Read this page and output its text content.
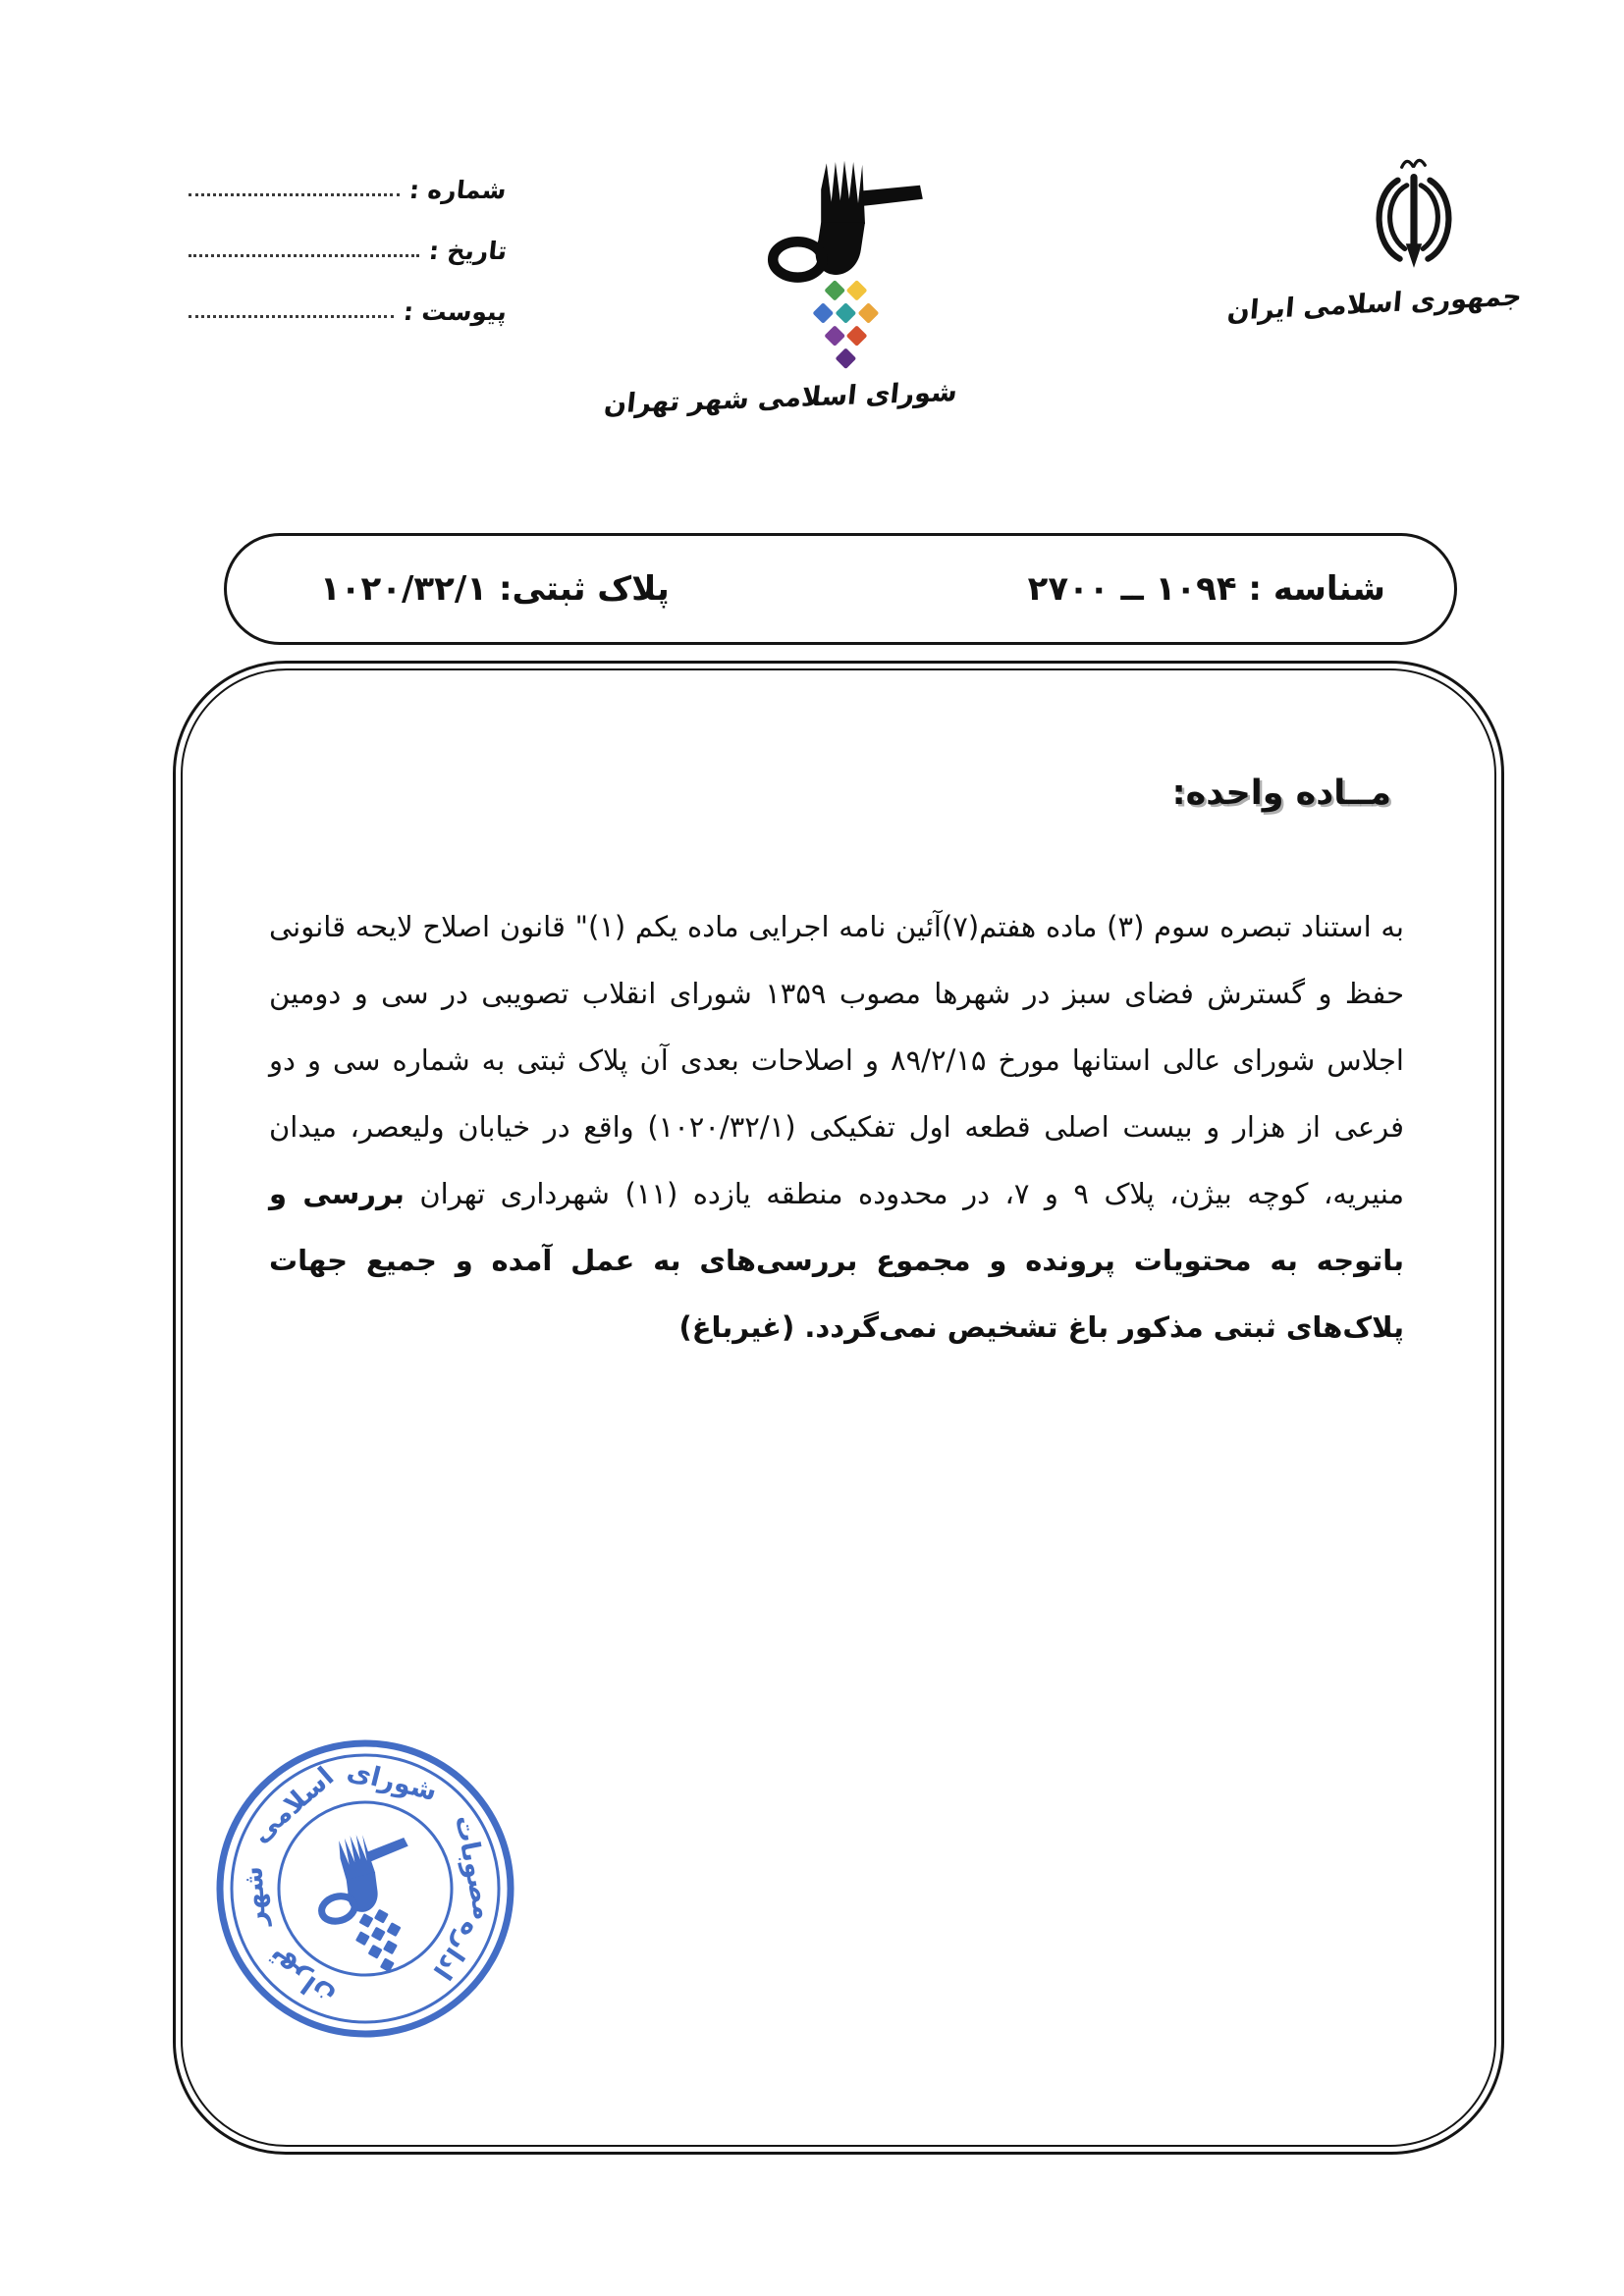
شماره :
تاریخ :
پیوست :
شورای اسلامی شهر تهران
جمهوری اسلامی ایران
شناسه : ۱۰۹۴ ــ ۲۷۰۰
پلاک ثبتی: ۱۰۲۰/۳۲/۱
مــاده واحده:

به استناد تبصره سوم (۳) ماده هفتم(۷)آئین نامه اجرایی ماده یکم (۱)" قانون اصلاح لایحه قانونی حفظ و گسترش فضای سبز در شهرها مصوب ۱۳۵۹ شورای انقلاب تصویبی در سی و دومین اجلاس شورای عالی استانها مورخ ۸۹/۲/۱۵ و اصلاحات بعدی آن پلاک ثبتی به شماره سی و دو فرعی از هزار و بیست اصلی قطعه اول تفکیکی (۱۰۲۰/۳۲/۱) واقع در خیابان ولیعصر، میدان منیریه، کوچه بیژن، پلاک ۹ و ۷، در محدوده منطقه یازده (۱۱) شهرداری تهران بررسی و باتوجه به محتویات پرونده و مجموع بررسی‌های به عمل آمده و جمیع جهات پلاک‌های ثبتی مذکور باغ تشخیص نمی‌گردد. (غیرباغ)

اداره
مصوبات
شورای
اسلامی
شهر
تهران
